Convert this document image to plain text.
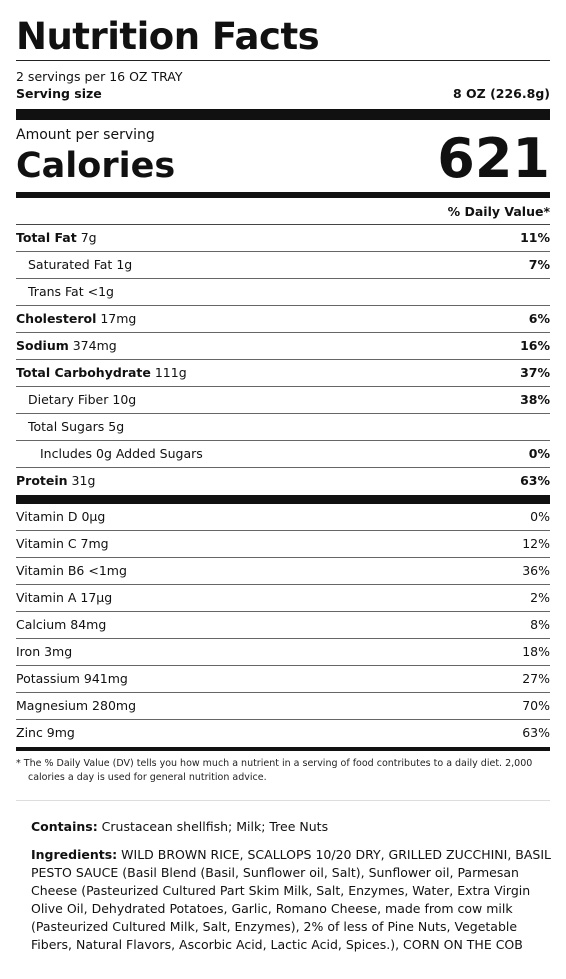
Nutrition Facts
2 servings per 16 OZ TRAY
Serving size	8 OZ (226.8g)
Amount per serving
Calories	621
% Daily Value*
Total Fat 7g	11%
Saturated Fat 1g	7%
Trans Fat <1g
Cholesterol 17mg	6%
Sodium 374mg	16%
Total Carbohydrate 111g	37%
Dietary Fiber 10g	38%
Total Sugars 5g
Includes 0g Added Sugars	0%
Protein 31g	63%
Vitamin D 0µg	0%
Vitamin C 7mg	12%
Vitamin B6 <1mg	36%
Vitamin A 17µg	2%
Calcium 84mg	8%
Iron 3mg	18%
Potassium 941mg	27%
Magnesium 280mg	70%
Zinc 9mg	63%
* The % Daily Value (DV) tells you how much a nutrient in a serving of food contributes to a daily diet. 2,000 calories a day is used for general nutrition advice.
Contains: Crustacean shellfish; Milk; Tree Nuts
Ingredients: WILD BROWN RICE, SCALLOPS 10/20 DRY, GRILLED ZUCCHINI, BASIL PESTO SAUCE (Basil Blend (Basil, Sunflower oil, Salt), Sunflower oil, Parmesan Cheese (Pasteurized Cultured Part Skim Milk, Salt, Enzymes, Water, Extra Virgin Olive Oil, Dehydrated Potatoes, Garlic, Romano Cheese, made from cow milk (Pasteurized Cultured Milk, Salt, Enzymes), 2% of less of Pine Nuts, Vegetable Fibers, Natural Flavors, Ascorbic Acid, Lactic Acid, Spices.), CORN ON THE COB
